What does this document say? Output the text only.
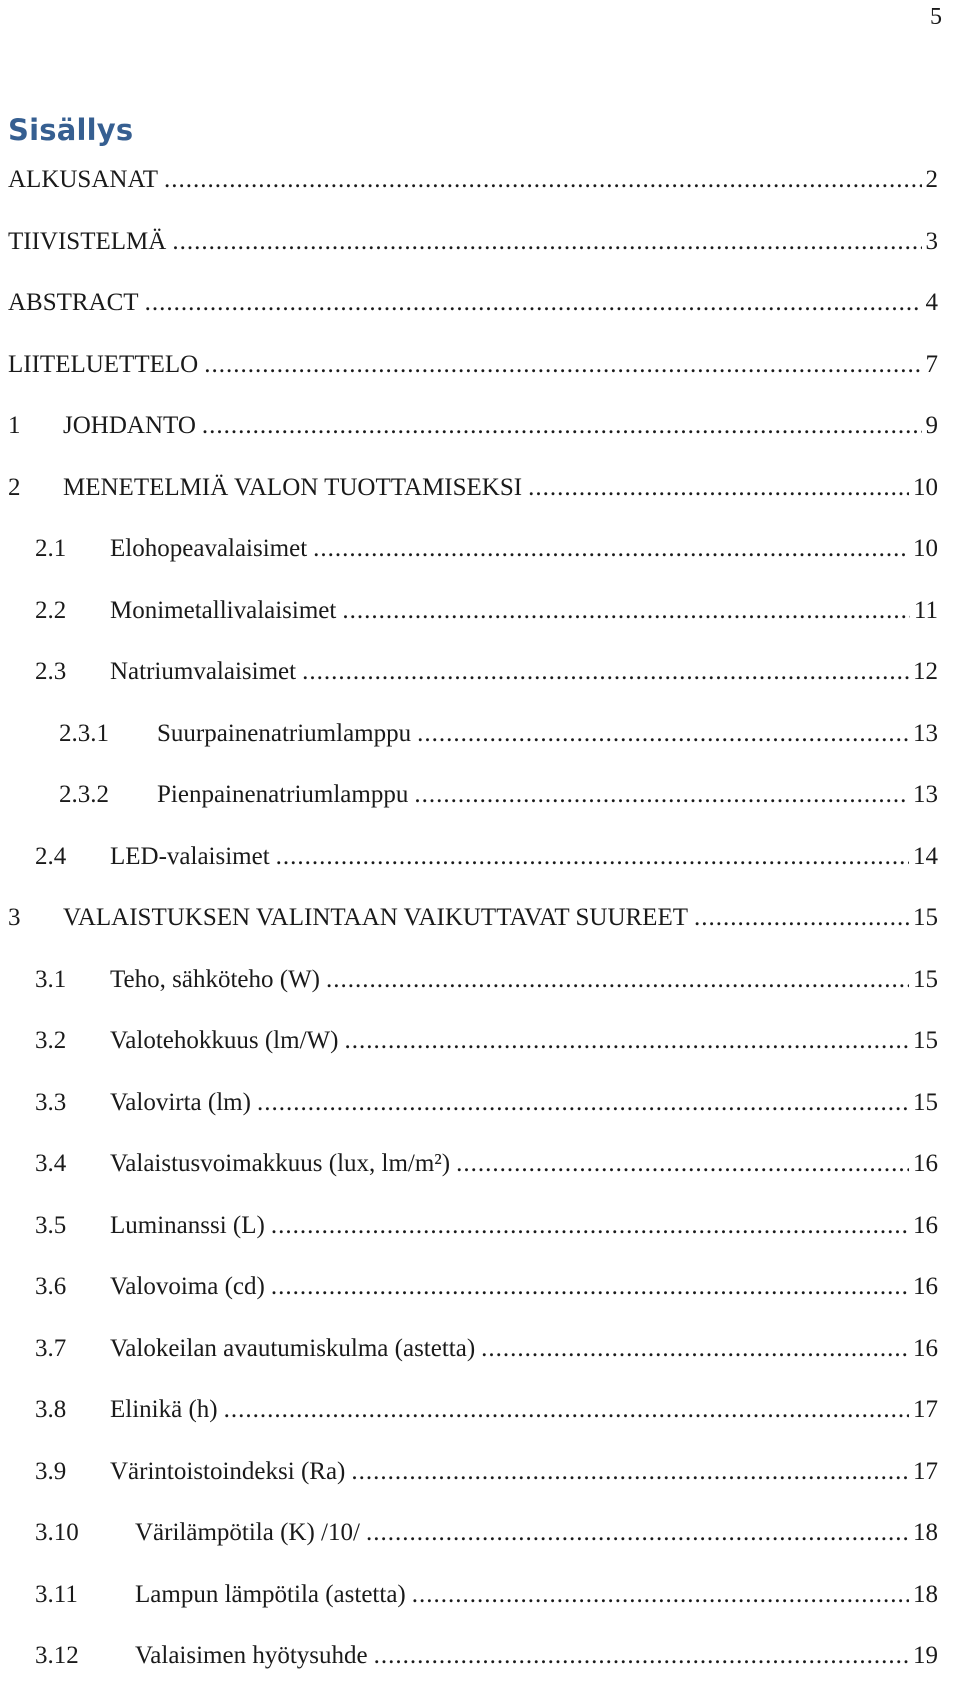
5
Sisällys
ALKUSANAT .....	2
TIIVISTELMÄ .....	3
ABSTRACT .....	4
LIITELUETTELO .....	7
1	JOHDANTO .....	9
2	MENETELMIÄ VALON TUOTTAMISEKSI .....	10
2.1	Elohopeavalaisimet .....	10
2.2	Monimetallivalaisimet .....	11
2.3	Natriumvalaisimet .....	12
2.3.1	Suurpainenatriumlamppu .....	13
2.3.2	Pienpainenatriumlamppu .....	13
2.4	LED-valaisimet .....	14
3	VALAISTUKSEN VALINTAAN VAIKUTTAVAT SUUREET .....	15
3.1	Teho, sähköteho (W) .....	15
3.2	Valotehokkuus (lm/W) .....	15
3.3	Valovirta (lm) .....	15
3.4	Valaistusvoimakkuus (lux, lm/m²) .....	16
3.5	Luminanssi (L) .....	16
3.6	Valovoima (cd) .....	16
3.7	Valokeilan avautumiskulma (astetta) .....	16
3.8	Elinikä (h) .....	17
3.9	Värintoistoindeksi (Ra) .....	17
3.10	Värilämpötila (K) /10/ .....	18
3.11	Lampun lämpötila (astetta) .....	18
3.12	Valaisimen hyötysuhde .....	19
